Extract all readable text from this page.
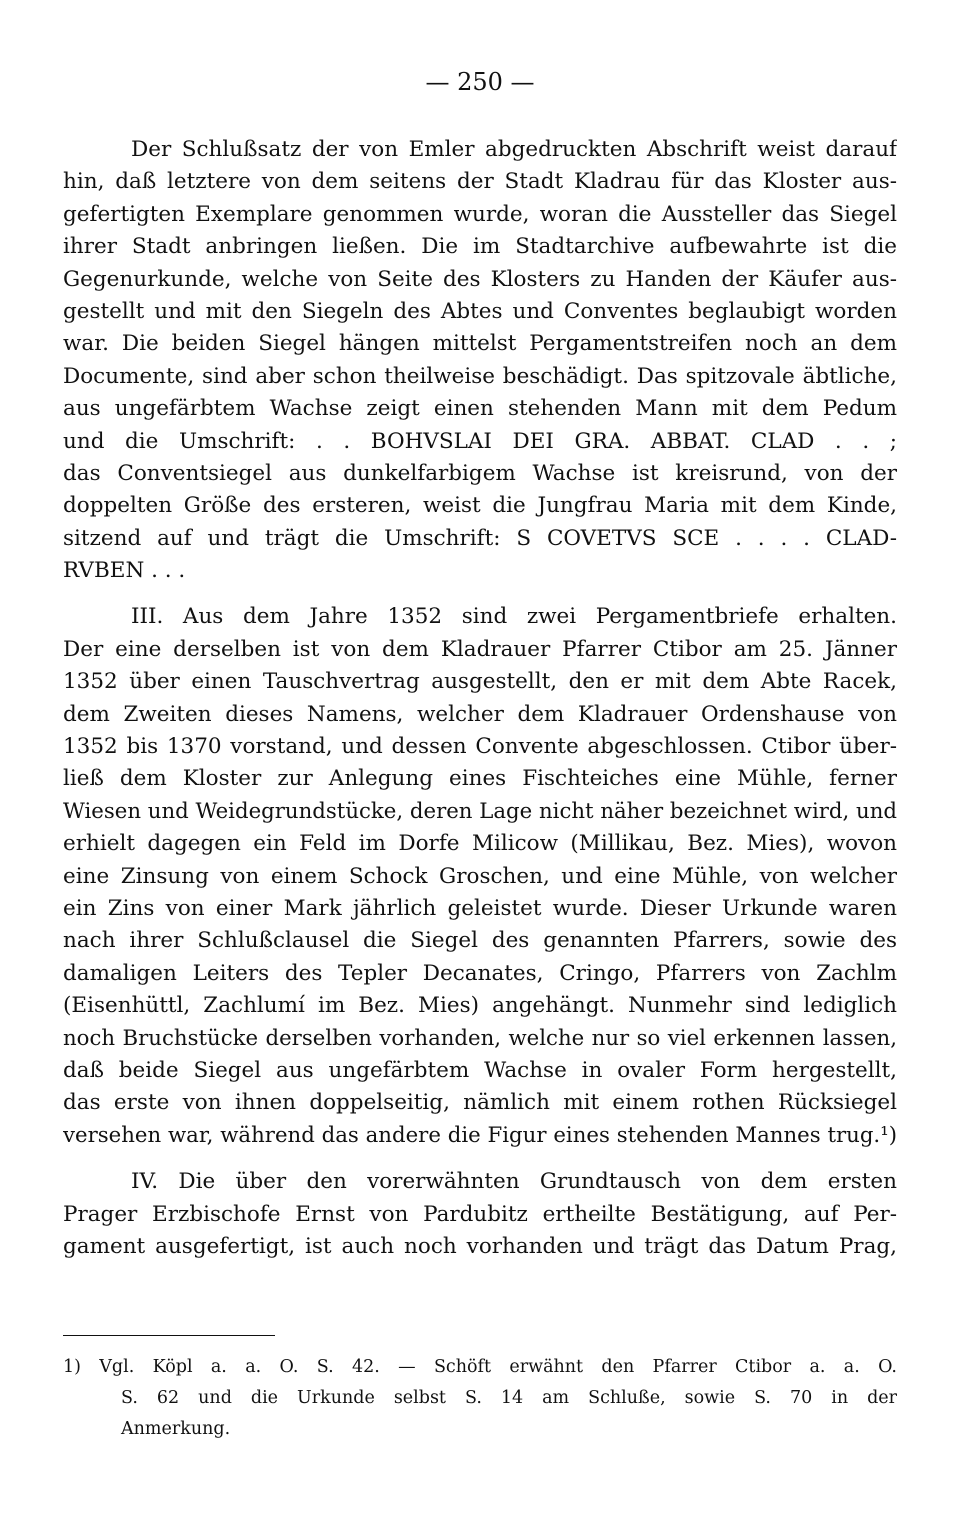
— 250 —
Der Schlußsatz der von Emler abgedruckten Abschrift weist darauf
hin, daß letztere von dem seitens der Stadt Kladrau für das Kloster aus-
gefertigten Exemplare genommen wurde, woran die Aussteller das Siegel
ihrer Stadt anbringen ließen. Die im Stadtarchive aufbewahrte ist die
Gegenurkunde, welche von Seite des Klosters zu Handen der Käufer aus-
gestellt und mit den Siegeln des Abtes und Conventes beglaubigt worden
war. Die beiden Siegel hängen mittelst Pergamentstreifen noch an dem
Documente, sind aber schon theilweise beschädigt. Das spitzovale äbtliche,
aus ungefärbtem Wachse zeigt einen stehenden Mann mit dem Pedum
und die Umschrift: . . BOHVSLAI DEI GRA. ABBAT. CLAD . . ;
das Conventsiegel aus dunkelfarbigem Wachse ist kreisrund, von der
doppelten Größe des ersteren, weist die Jungfrau Maria mit dem Kinde,
sitzend auf und trägt die Umschrift: S COVETVS SCE . . . . CLAD-
RVBEN . . .
III. Aus dem Jahre 1352 sind zwei Pergamentbriefe erhalten.
Der eine derselben ist von dem Kladrauer Pfarrer Ctibor am 25. Jänner
1352 über einen Tauschvertrag ausgestellt, den er mit dem Abte Racek,
dem Zweiten dieses Namens, welcher dem Kladrauer Ordenshause von
1352 bis 1370 vorstand, und dessen Convente abgeschlossen. Ctibor über-
ließ dem Kloster zur Anlegung eines Fischteiches eine Mühle, ferner
Wiesen und Weidegrundstücke, deren Lage nicht näher bezeichnet wird, und
erhielt dagegen ein Feld im Dorfe Milicow (Millikau, Bez. Mies), wovon
eine Zinsung von einem Schock Groschen, und eine Mühle, von welcher
ein Zins von einer Mark jährlich geleistet wurde. Dieser Urkunde waren
nach ihrer Schlußclausel die Siegel des genannten Pfarrers, sowie des
damaligen Leiters des Tepler Decanates, Cringo, Pfarrers von Zachlm
(Eisenhüttl, Zachlumí im Bez. Mies) angehängt. Nunmehr sind lediglich
noch Bruchstücke derselben vorhanden, welche nur so viel erkennen lassen,
daß beide Siegel aus ungefärbtem Wachse in ovaler Form hergestellt,
das erste von ihnen doppelseitig, nämlich mit einem rothen Rücksiegel
versehen war, während das andere die Figur eines stehenden Mannes trug.¹)
IV. Die über den vorerwähnten Grundtausch von dem ersten
Prager Erzbischofe Ernst von Pardubitz ertheilte Bestätigung, auf Per-
gament ausgefertigt, ist auch noch vorhanden und trägt das Datum Prag,
1) Vgl. Köpl a. a. O. S. 42. — Schöft erwähnt den Pfarrer Ctibor a. a. O.
S. 62 und die Urkunde selbst S. 14 am Schluße, sowie S. 70 in der
Anmerkung.
